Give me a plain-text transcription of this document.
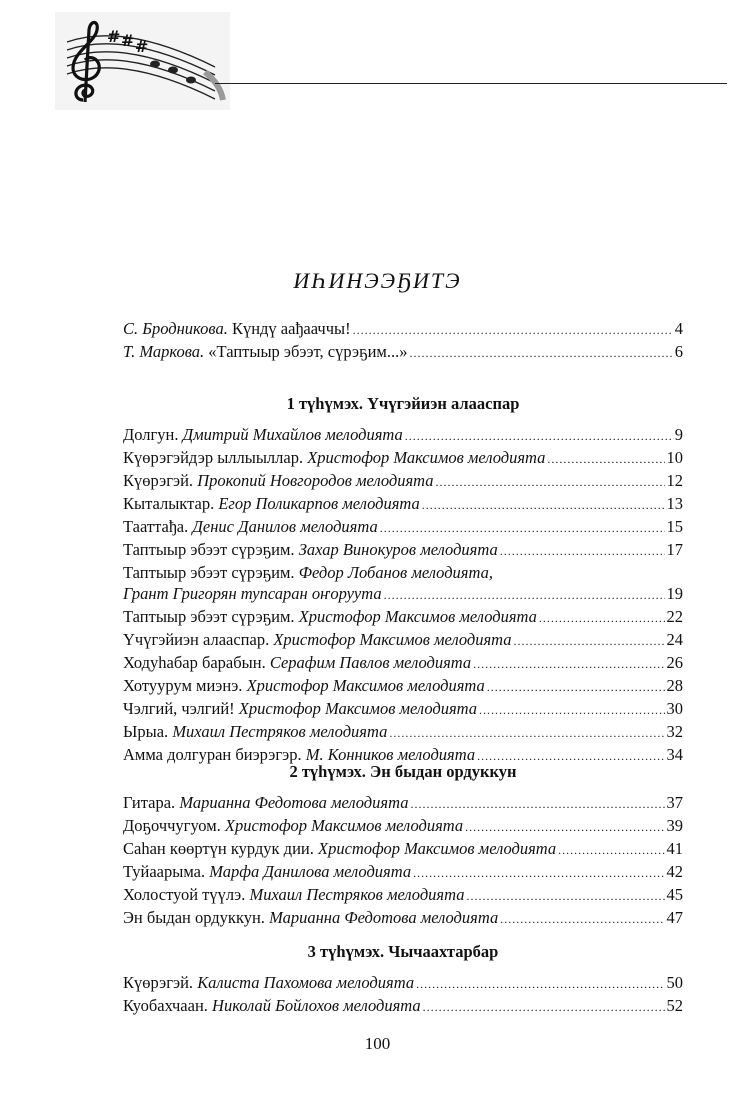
# # #
ИҺИНЭЭҔИТЭ
С. Бродникова. Күндү аађааччы! . . .	4
Т. Маркова. «Таптыыр эбээт, сүрэҕим...» . . .	6
1 түһүмэх. Үчүгэйиэн алааспар
Долгун. Дмитрий Михайлов мелодията . . .	9
Күөрэгэйдэр ыллыыллар. Христофор Максимов мелодията . . .	10
Күөрэгэй. Прокопий Новгородов мелодията . . .	12
Кыталыктар. Егор Поликарпов мелодията . . .	13
Тааттађа. Денис Данилов мелодията . . .	15
Таптыыр эбээт сүрэҕим. Захар Винокуров мелодията . . .	17
Таптыыр эбээт сүрэҕим. Федор Лобанов мелодията,
Грант Григорян тупсаран оҥоруута . . .	19
Таптыыр эбээт сүрэҕим. Христофор Максимов мелодията . . .	22
Үчүгэйиэн алааспар. Христофор Максимов мелодията . . .	24
Ходуһабар барабын. Серафим Павлов мелодията . . .	26
Хотуурум миэнэ. Христофор Максимов мелодията . . .	28
Чэлгий, чэлгий! Христофор Максимов мелодията . . .	30
Ырыа. Михаил Пестряков мелодията . . .	32
Амма долгуран биэрэгэр. М. Конников мелодията . . .	34
2 түһүмэх. Эн быдан ордуккун
Гитара. Марианна Федотова мелодията . . .	37
Доҕоччугуом. Христофор Максимов мелодията . . .	39
Саһан көөртүн курдук дии. Христофор Максимов мелодията . . .	41
Туйаарыма. Марфа Данилова мелодията . . .	42
Холостуой түүлэ. Михаил Пестряков мелодията . . .	45
Эн быдан ордуккун. Марианна Федотова мелодията . . .	47
3 түһүмэх. Чычаахтарбар
Күөрэгэй. Калиста Пахомова мелодията . . .	50
Куобахчаан. Николай Бойлохов мелодията . . .	52
100
